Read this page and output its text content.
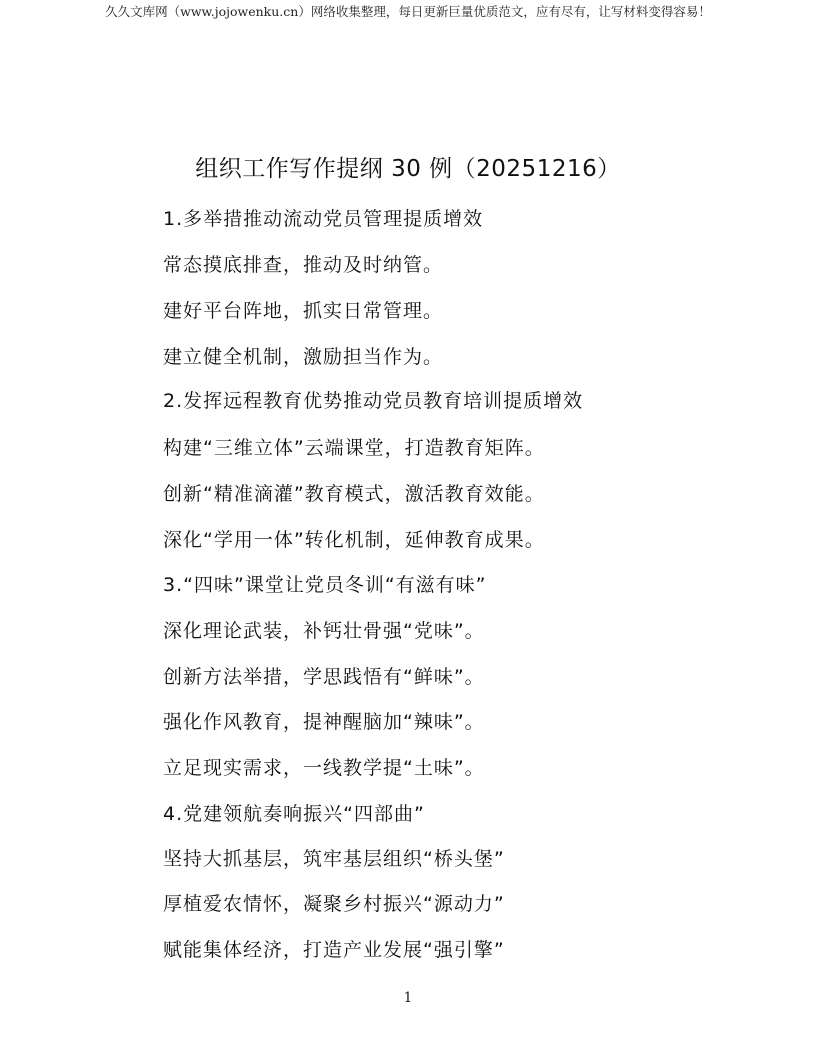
久久文库网（www.jojowenku.cn）网络收集整理，每日更新巨量优质范文，应有尽有，让写材料变得容易！
组织工作写作提纲 30 例（20251216）
1.多举措推动流动党员管理提质增效
常态摸底排查，推动及时纳管。
建好平台阵地，抓实日常管理。
建立健全机制，激励担当作为。
2.发挥远程教育优势推动党员教育培训提质增效
构建“三维立体”云端课堂，打造教育矩阵。
创新“精准滴灌”教育模式，激活教育效能。
深化“学用一体”转化机制，延伸教育成果。
3.“四味”课堂让党员冬训“有滋有味”
深化理论武装，补钙壮骨强“党味”。
创新方法举措，学思践悟有“鲜味”。
强化作风教育，提神醒脑加“辣味”。
立足现实需求，一线教学提“土味”。
4.党建领航奏响振兴“四部曲”
坚持大抓基层，筑牢基层组织“桥头堡”
厚植爱农情怀，凝聚乡村振兴“源动力”
赋能集体经济，打造产业发展“强引擎”
1
